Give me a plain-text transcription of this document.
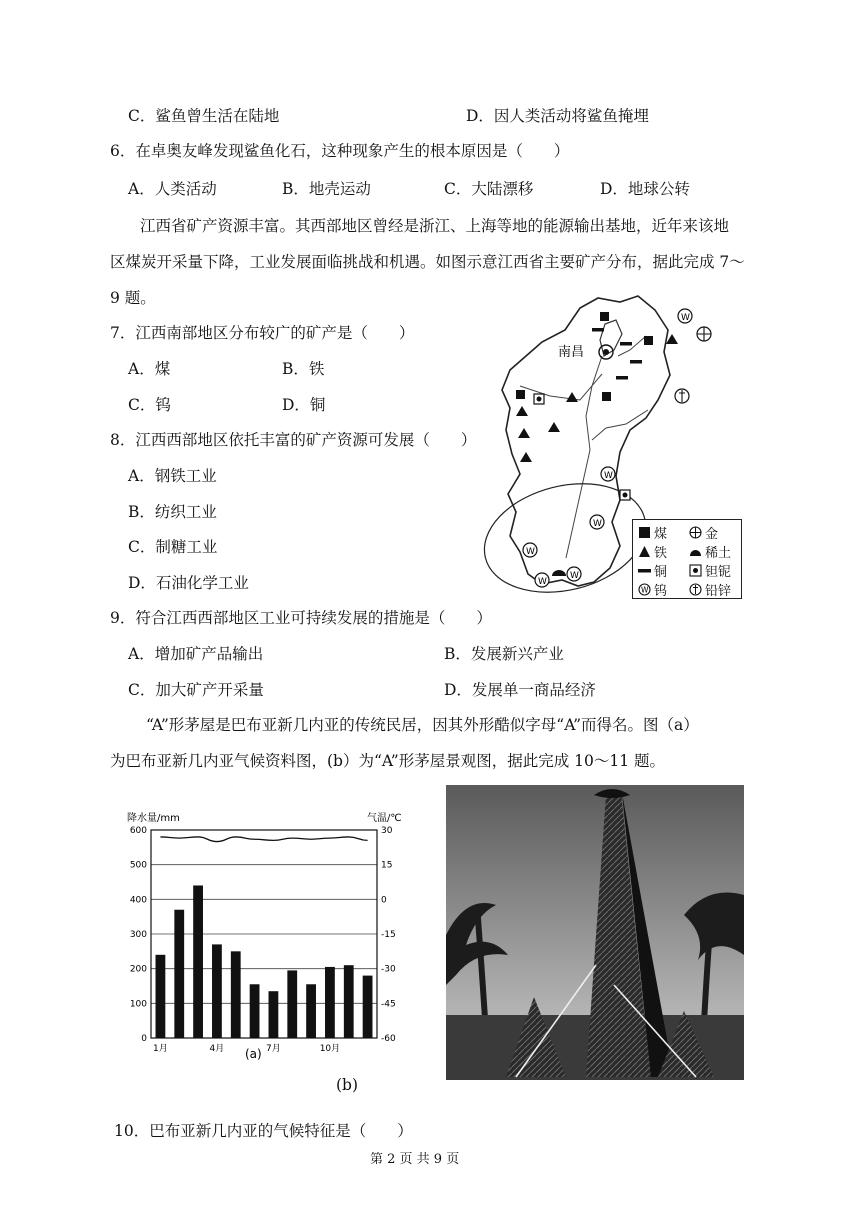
C．鲨鱼曾生活在陆地	D．因人类活动将鲨鱼掩埋
6．在卓奥友峰发现鲨鱼化石，这种现象产生的根本原因是（　　）
A．人类活动	B．地壳运动	C．大陆漂移	D．地球公转
江西省矿产资源丰富。其西部地区曾经是浙江、上海等地的能源输出基地，近年来该地
区煤炭开采量下降，工业发展面临挑战和机遇。如图示意江西省主要矿产分布，据此完成 7～
9 题。
7．江西南部地区分布较广的矿产是（　　）
A．煤	B．铁
C．钨	D．铜
8．江西西部地区依托丰富的矿产资源可发展（　　）
A．钢铁工业
B．纺织工业
C．制糖工业
D．石油化学工业
9．符合江西西部地区工业可持续发展的措施是（　　）
A．增加矿产品输出	B．发展新兴产业
C．加大矿产开采量	D．发展单一商品经济
“A”形茅屋是巴布亚新几内亚的传统民居，因其外形酷似字母“A”而得名。图（a）
为巴布亚新几内亚气候资料图，(b）为“A”形茅屋景观图，据此完成 10～11 题。
南昌
W
W
W
W
W
W
煤	金
铁	稀土
铜	钽铌
W 钨	铅锌
降水量/mm	气温/℃
0
100
200
300
400
500
600	30
15
0
-15
-30
-45
-60
1月	4月	7月	10月
(a)
(b)
10．巴布亚新几内亚的气候特征是（　　）
第 2 页 共 9 页
